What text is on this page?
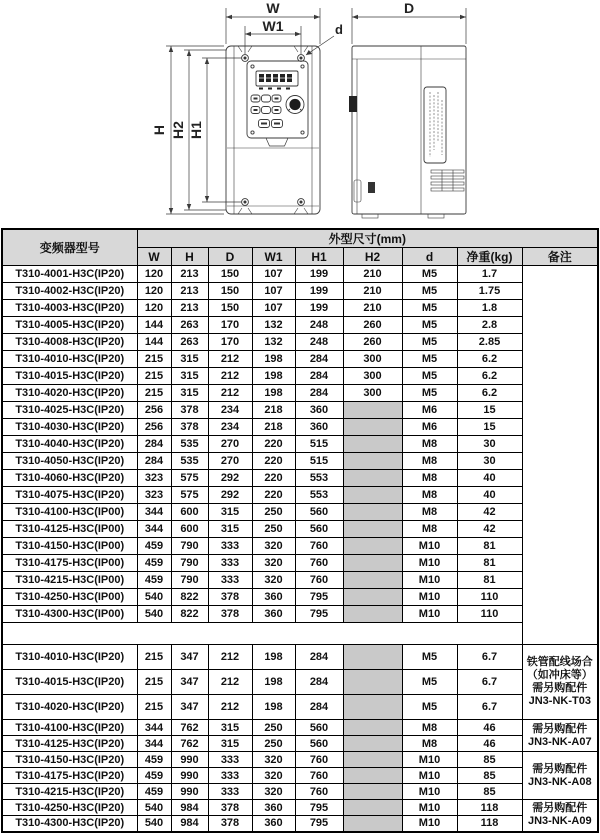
W
W1	d
D
H H2 H1
变频器型号	外型尺寸(mm)								
	W	H	D	W1	H1	H2	d	净重(kg)	备注
T310-4001-H3C(IP20)	120	213	150	107	199	210	M5	1.7	
T310-4002-H3C(IP20)	120	213	150	107	199	210	M5	1.75	
T310-4003-H3C(IP20)	120	213	150	107	199	210	M5	1.8	
T310-4005-H3C(IP20)	144	263	170	132	248	260	M5	2.8	
T310-4008-H3C(IP20)	144	263	170	132	248	260	M5	2.85	
T310-4010-H3C(IP20)	215	315	212	198	284	300	M5	6.2	
T310-4015-H3C(IP20)	215	315	212	198	284	300	M5	6.2	
T310-4020-H3C(IP20)	215	315	212	198	284	300	M5	6.2	
T310-4025-H3C(IP20)	256	378	234	218	360		M6	15	
T310-4030-H3C(IP20)	256	378	234	218	360		M6	15	
T310-4040-H3C(IP20)	284	535	270	220	515		M8	30	
T310-4050-H3C(IP20)	284	535	270	220	515		M8	30	
T310-4060-H3C(IP20)	323	575	292	220	553		M8	40	
T310-4075-H3C(IP20)	323	575	292	220	553		M8	40	
T310-4100-H3C(IP00)	344	600	315	250	560		M8	42	
T310-4125-H3C(IP00)	344	600	315	250	560		M8	42	
T310-4150-H3C(IP00)	459	790	333	320	760		M10	81	
T310-4175-H3C(IP00)	459	790	333	320	760		M10	81	
T310-4215-H3C(IP00)	459	790	333	320	760		M10	81	
T310-4250-H3C(IP00)	540	822	378	360	795		M10	110	
T310-4300-H3C(IP00)	540	822	378	360	795		M10	110	

T310-4010-H3C(IP20)	215	347	212	198	284		M5	6.7	铁管配线场合
（如冲床等）
需另购配件
JN3-NK-T03

T310-4015-H3C(IP20)	215	347	212	198	284		M5	6.7	
T310-4020-H3C(IP20)	215	347	212	198	284		M5	6.7	
T310-4100-H3C(IP20)	344	762	315	250	560		M8	46	需另购配件
JN3-NK-A07

T310-4125-H3C(IP20)	344	762	315	250	560		M8	46	
T310-4150-H3C(IP20)	459	990	333	320	760		M10	85	需另购配件
JN3-NK-A08

T310-4175-H3C(IP20)	459	990	333	320	760		M10	85	
T310-4215-H3C(IP20)	459	990	333	320	760		M10	85	
T310-4250-H3C(IP20)	540	984	378	360	795		M10	118	需另购配件
JN3-NK-A09

T310-4300-H3C(IP20)	540	984	378	360	795		M10	118	
